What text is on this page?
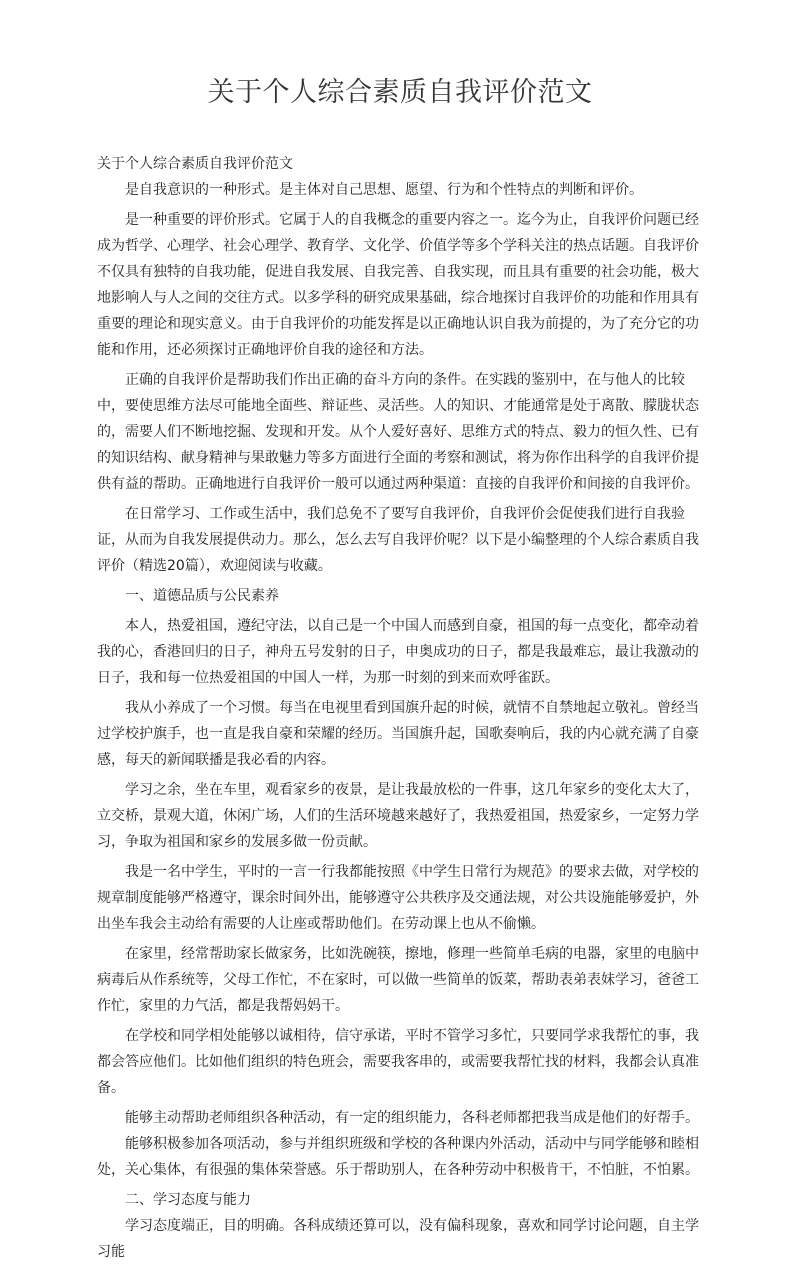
关于个人综合素质自我评价范文

关于个人综合素质自我评价范文

是自我意识的一种形式。是主体对自己思想、愿望、行为和个性特点的判断和评价。

是一种重要的评价形式。它属于人的自我概念的重要内容之一。迄今为止，自我评价问题已经成为哲学、心理学、社会心理学、教育学、文化学、价值学等多个学科关注的热点话题。自我评价不仅具有独特的自我功能，促进自我发展、自我完善、自我实现，而且具有重要的社会功能，极大地影响人与人之间的交往方式。以多学科的研究成果基础，综合地探讨自我评价的功能和作用具有重要的理论和现实意义。由于自我评价的功能发挥是以正确地认识自我为前提的，为了充分它的功能和作用，还必须探讨正确地评价自我的途径和方法。

正确的自我评价是帮助我们作出正确的奋斗方向的条件。在实践的鉴别中，在与他人的比较中，要使思维方法尽可能地全面些、辩证些、灵活些。人的知识、才能通常是处于离散、朦胧状态的，需要人们不断地挖掘、发现和开发。从个人爱好喜好、思维方式的特点、毅力的恒久性、已有的知识结构、献身精神与果敢魅力等多方面进行全面的考察和测试，将为你作出科学的自我评价提供有益的帮助。正确地进行自我评价一般可以通过两种渠道：直接的自我评价和间接的自我评价。

在日常学习、工作或生活中，我们总免不了要写自我评价，自我评价会促使我们进行自我验证，从而为自我发展提供动力。那么，怎么去写自我评价呢？以下是小编整理的个人综合素质自我评价（精选20篇），欢迎阅读与收藏。

一、道德品质与公民素养

本人，热爱祖国，遵纪守法，以自己是一个中国人而感到自豪，祖国的每一点变化，都牵动着我的心，香港回归的日子，神舟五号发射的日子，申奥成功的日子，都是我最难忘，最让我激动的日子，我和每一位热爱祖国的中国人一样，为那一时刻的到来而欢呼雀跃。

我从小养成了一个习惯。每当在电视里看到国旗升起的时候，就情不自禁地起立敬礼。曾经当过学校护旗手，也一直是我自豪和荣耀的经历。当国旗升起，国歌奏响后，我的内心就充满了自豪感，每天的新闻联播是我必看的内容。

学习之余，坐在车里，观看家乡的夜景，是让我最放松的一件事，这几年家乡的变化太大了，立交桥，景观大道，休闲广场，人们的生活环境越来越好了，我热爱祖国，热爱家乡，一定努力学习，争取为祖国和家乡的发展多做一份贡献。

我是一名中学生，平时的一言一行我都能按照《中学生日常行为规范》的要求去做，对学校的规章制度能够严格遵守，课余时间外出，能够遵守公共秩序及交通法规，对公共设施能够爱护，外出坐车我会主动给有需要的人让座或帮助他们。在劳动课上也从不偷懒。

在家里，经常帮助家长做家务，比如洗碗筷，擦地，修理一些简单毛病的电器，家里的电脑中病毒后从作系统等，父母工作忙，不在家时，可以做一些简单的饭菜，帮助表弟表妹学习，爸爸工作忙，家里的力气活，都是我帮妈妈干。

在学校和同学相处能够以诚相待，信守承诺，平时不管学习多忙，只要同学求我帮忙的事，我都会答应他们。比如他们组织的特色班会，需要我客串的，或需要我帮忙找的材料，我都会认真准备。

能够主动帮助老师组织各种活动，有一定的组织能力，各科老师都把我当成是他们的好帮手。

能够积极参加各项活动，参与并组织班级和学校的各种课内外活动，活动中与同学能够和睦相处，关心集体，有很强的集体荣誉感。乐于帮助别人，在各种劳动中积极肯干，不怕脏，不怕累。

二、学习态度与能力

学习态度端正，目的明确。各科成绩还算可以，没有偏科现象，喜欢和同学讨论问题，自主学习能
